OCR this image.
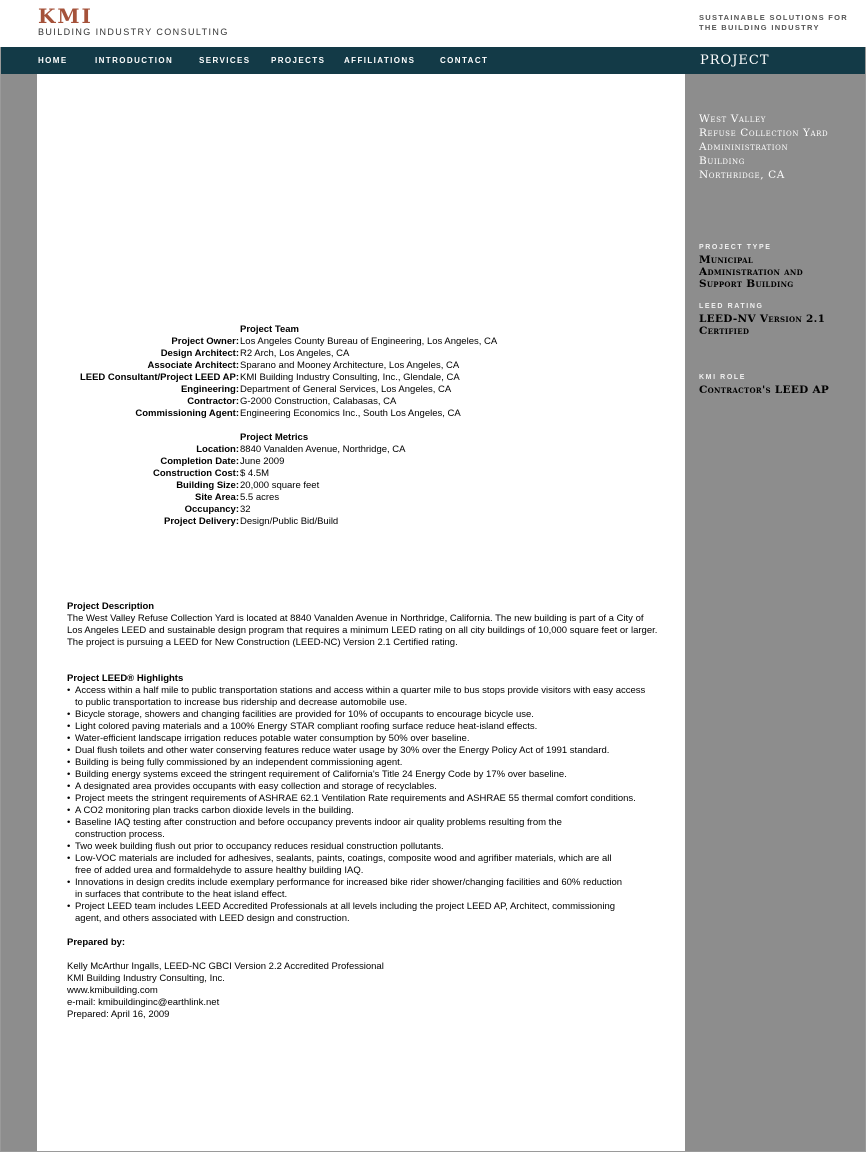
KMI
BUILDING INDUSTRY CONSULTING
SUSTAINABLE SOLUTIONS FOR
THE BUILDING INDUSTRY
HOME	INTRODUCTION	SERVICES	PROJECTS AFFILIATIONS	CONTACT	PROJECT
Project Team
Project Owner: Los Angeles County Bureau of Engineering, Los Angeles, CA
Design Architect: R2 Arch, Los Angeles, CA
Associate Architect: Sparano and Mooney Architecture, Los Angeles, CA
LEED Consultant/Project LEED AP: KMI Building Industry Consulting, Inc., Glendale, CA
Engineering: Department of General Services, Los Angeles, CA
Contractor: G-2000 Construction, Calabasas, CA
Commissioning Agent: Engineering Economics Inc., South Los Angeles, CA
Project Metrics
Location: 8840 Vanalden Avenue, Northridge, CA
Completion Date: June 2009
Construction Cost: $ 4.5M
Building Size: 20,000 square feet
Site Area: 5.5 acres
Occupancy: 32
Project Delivery: Design/Public Bid/Build
Project Description
The West Valley Refuse Collection Yard is located at 8840 Vanalden Avenue in Northridge, California. The new building is part of a City of
Los Angeles LEED and sustainable design program that requires a minimum LEED rating on all city buildings of 10,000 square feet or larger.
The project is pursuing a LEED for New Construction (LEED-NC) Version 2.1 Certified rating.
Project LEED® Highlights
• Access within a half mile to public transportation stations and access within a quarter mile to bus stops provide visitors with easy access
to public transportation to increase bus ridership and decrease automobile use.
• Bicycle storage, showers and changing facilities are provided for 10% of occupants to encourage bicycle use.
• Light colored paving materials and a 100% Energy STAR compliant roofing surface reduce heat-island effects.
• Water-efficient landscape irrigation reduces potable water consumption by 50% over baseline.
• Dual flush toilets and other water conserving features reduce water usage by 30% over the Energy Policy Act of 1991 standard.
• Building is being fully commissioned by an independent commissioning agent.
• Building energy systems exceed the stringent requirement of California's Title 24 Energy Code by 17% over baseline.
• A designated area provides occupants with easy collection and storage of recyclables.
• Project meets the stringent requirements of ASHRAE 62.1 Ventilation Rate requirements and ASHRAE 55 thermal comfort conditions.
• A CO2 monitoring plan tracks carbon dioxide levels in the building.
• Baseline IAQ testing after construction and before occupancy prevents indoor air quality problems resulting from the
construction process.
• Two week building flush out prior to occupancy reduces residual construction pollutants.
• Low-VOC materials are included for adhesives, sealants, paints, coatings, composite wood and agrifiber materials, which are all
free of added urea and formaldehyde to assure healthy building IAQ.
• Innovations in design credits include exemplary performance for increased bike rider shower/changing facilities and 60% reduction
in surfaces that contribute to the heat island effect.
• Project LEED team includes LEED Accredited Professionals at all levels including the project LEED AP, Architect, commissioning
agent, and others associated with LEED design and construction.
Prepared by:
Kelly McArthur Ingalls, LEED-NC GBCI Version 2.2 Accredited Professional
KMI Building Industry Consulting, Inc.
www.kmibuilding.com
e-mail: kmibuildinginc@earthlink.net
Prepared: April 16, 2009
West Valley
Refuse Collection Yard
Admininistration
Building
Northridge, CA
PROJECT TYPE
Municipal
Administration and
Support Building
LEED RATING
LEED-NV Version 2.1
Certified
KMI ROLE
Contractor's LEED AP
